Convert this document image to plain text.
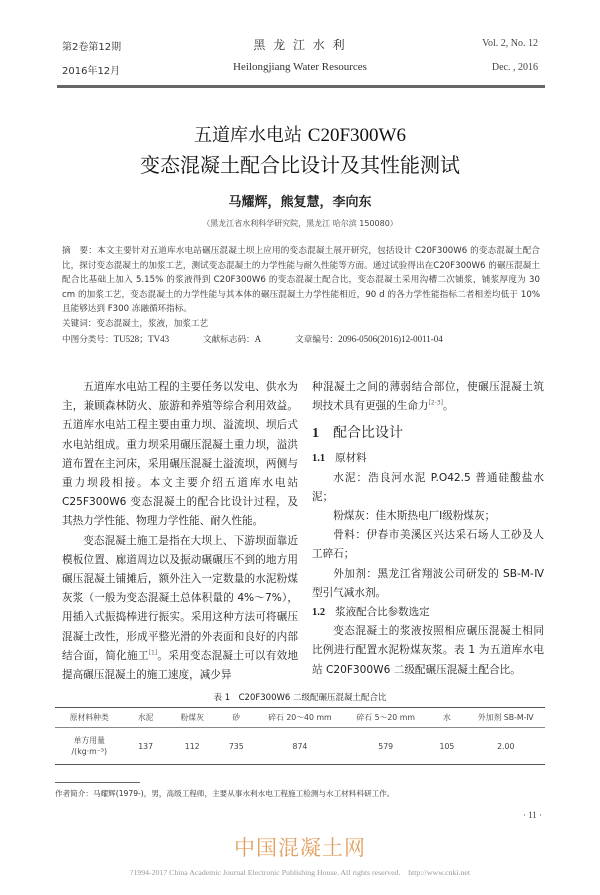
第2卷第12期
2016年12月
黑 龙 江 水 利
Heilongjiang Water Resources
Vol. 2, No. 12
Dec. , 2016
五道库水电站 C20F300W6
变态混凝土配合比设计及其性能测试
马耀辉，熊复慧，李向东
（黑龙江省水利科学研究院，黑龙江 哈尔滨 150080）

摘　要：本文主要针对五道库水电站碾压混凝土坝上应用的变态混凝土展开研究，包括设计 C20F300W6 的变态混凝土配合比，探讨变态混凝土的加浆工艺，测试变态混凝土的力学性能与耐久性能等方面。通过试验得出在C20F300W6 的碾压混凝土配合比基础上加入 5.15% 的浆液得到 C20F300W6 的变态混凝土配合比，变态混凝土采用沟槽二次铺浆，铺浆厚度为 30 cm 的加浆工艺，变态混凝土的力学性能与其本体的碾压混凝土力学性能相近，90 d 的各力学性能指标二者相差均低于 10% 且能够达到 F300 冻融循环指标。

关键词：变态混凝土，浆液，加浆工艺

中图分类号：TU528；TV43	文献标志码：A	文章编号：2096-0506(2016)12-0011-04

五道库水电站工程的主要任务以发电、供水为主，兼顾森林防火、旅游和养殖等综合利用效益。五道库水电站工程主要由重力坝、溢流坝、坝后式水电站组成。重力坝采用碾压混凝土重力坝，溢洪道布置在主河床，采用碾压混凝土溢流坝，两侧与重力坝段相接。本文主要介绍五道库水电站 C25F300W6 变态混凝土的配合比设计过程，及其热力学性能、物理力学性能、耐久性能。

变态混凝土施工是指在大坝上、下游坝面靠近模板位置、廊道周边以及振动碾碾压不到的地方用碾压混凝土铺摊后，额外注入一定数量的水泥粉煤灰浆（一般为变态混凝土总体积量的 4%～7%），用插入式振捣棒进行振实。采用这种方法可将碾压混凝土改性，形成平整光滑的外表面和良好的内部结合面，简化施工[1]。采用变态混凝土可以有效地提高碾压混凝土的施工速度，减少异

种混凝土之间的薄弱结合部位，使碾压混凝土筑坝技术具有更强的生命力[2-3]。

1 配合比设计

1.1 原材料

水泥：浩良河水泥 P.O42.5 普通硅酸盐水泥；

粉煤灰：佳木斯热电厂Ⅰ级粉煤灰；

骨料：伊春市美溪区兴达采石场人工砂及人工碎石；

外加剂：黑龙江省翔波公司研发的 SB-M-Ⅳ 型引气减水剂。

1.2 浆液配合比参数选定

变态混凝土的浆液按照相应碾压混凝土相同比例进行配置水泥粉煤灰浆。表 1 为五道库水电站 C20F300W6 二级配碾压混凝土配合比。

表 1　C20F300W6 二级配碾压混凝土配合比
原材料种类	水泥	粉煤灰	砂	碎石 20～40 mm	碎石 5～20 mm	水	外加剂 SB-M-Ⅳ

单方用量
/(kg·m⁻³)	137	112	735	874	579	105	2.00
作者简介：马耀辉(1979-)，男，高级工程师，主要从事水利水电工程施工检测与水工材料科研工作。
· 11 ·
中国混凝土网
?1994-2017 China Academic Journal Electronic Publishing House. All rights reserved.　http://www.cnki.net
